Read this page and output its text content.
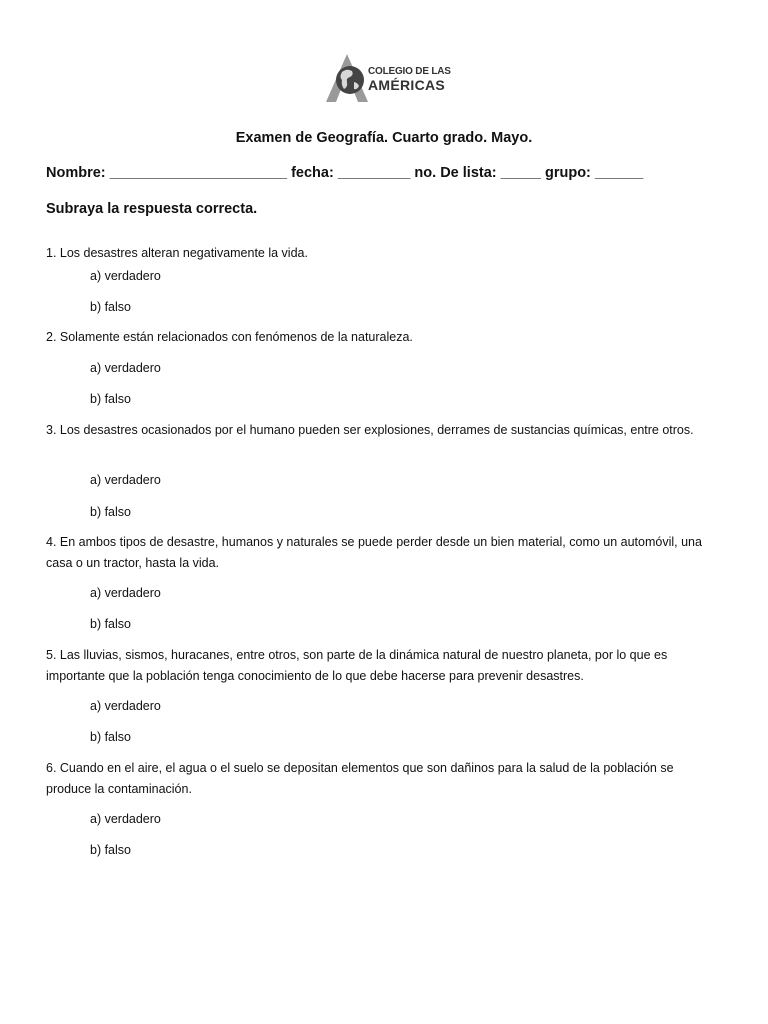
COLEGIO DE LAS
AMÉRICAS
Examen de Geografía. Cuarto grado. Mayo.
Nombre: ______________________ fecha: _________ no. De lista: _____ grupo: ______
Subraya la respuesta correcta.
1. Los desastres alteran negativamente la vida.
a) verdadero
b) falso
2. Solamente están relacionados con fenómenos de la naturaleza.
a) verdadero
b) falso
3. Los desastres ocasionados por el humano pueden ser explosiones, derrames de sustancias químicas, entre otros.
a) verdadero
b) falso
4. En ambos tipos de desastre, humanos y naturales se puede perder desde un bien material, como un automóvil, una casa o un tractor, hasta la vida.
a) verdadero
b) falso
5. Las lluvias, sismos, huracanes, entre otros, son parte de la dinámica natural de nuestro planeta, por lo que es importante que la población tenga conocimiento de lo que debe hacerse para prevenir desastres.
a) verdadero
b) falso
6. Cuando en el aire, el agua o el suelo se depositan elementos que son dañinos para la salud de la población se produce la contaminación.
a) verdadero
b) falso
